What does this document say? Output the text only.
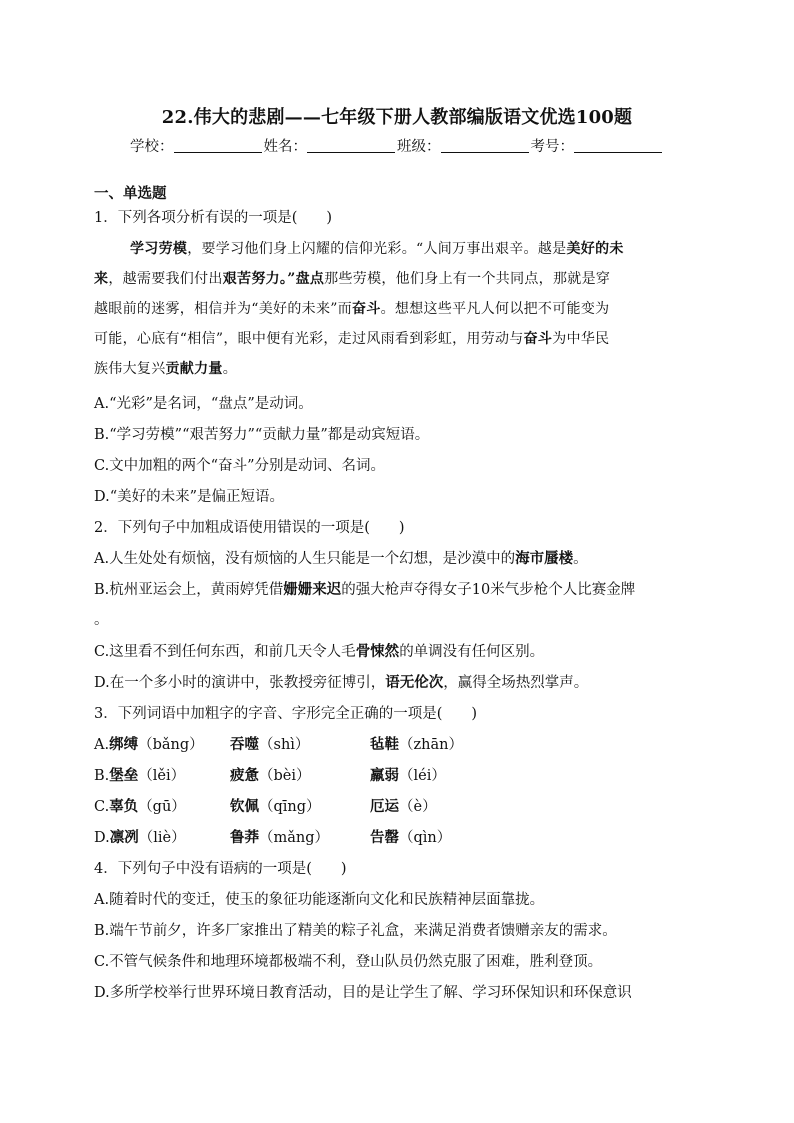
22.伟大的悲剧——七年级下册人教部编版语文优选100题
学校：	姓名：	班级：	考号：
一、单选题
1．下列各项分析有误的一项是(　　)
学习劳模，要学习他们身上闪耀的信仰光彩。“人间万事出艰辛。越是美好的未
来，越需要我们付出艰苦努力。”盘点那些劳模，他们身上有一个共同点，那就是穿
越眼前的迷雾，相信并为“美好的未来”而奋斗。想想这些平凡人何以把不可能变为
可能，心底有“相信”，眼中便有光彩，走过风雨看到彩虹，用劳动与奋斗为中华民
族伟大复兴贡献力量。
A.“光彩”是名词，“盘点”是动词。
B.“学习劳模”“艰苦努力”“贡献力量”都是动宾短语。
C.文中加粗的两个“奋斗”分别是动词、名词。
D.“美好的未来”是偏正短语。
2．下列句子中加粗成语使用错误的一项是(　　)
A.人生处处有烦恼，没有烦恼的人生只能是一个幻想，是沙漠中的海市蜃楼。
B.杭州亚运会上，黄雨婷凭借姗姗来迟的强大枪声夺得女子10米气步枪个人比赛金牌
。
C.这里看不到任何东西，和前几天令人毛骨悚然的单调没有任何区别。
D.在一个多小时的演讲中，张教授旁征博引，语无伦次，赢得全场热烈掌声。
3．下列词语中加粗字的字音、字形完全正确的一项是(　　)
A.绑缚（bǎng） 吞噬（shì）	毡鞋（zhān）
B.堡垒（lěi）	疲惫（bèi）	羸弱（léi）
C.辜负（gū）	钦佩（qīng）	厄运（è）
D.凛冽（liè）	鲁莽（mǎng）	告罄（qìn）
4．下列句子中没有语病的一项是(　　)
A.随着时代的变迁，使玉的象征功能逐渐向文化和民族精神层面靠拢。
B.端午节前夕，许多厂家推出了精美的粽子礼盒，来满足消费者馈赠亲友的需求。
C.不管气候条件和地理环境都极端不利，登山队员仍然克服了困难，胜利登顶。
D.多所学校举行世界环境日教育活动，目的是让学生了解、学习环保知识和环保意识
